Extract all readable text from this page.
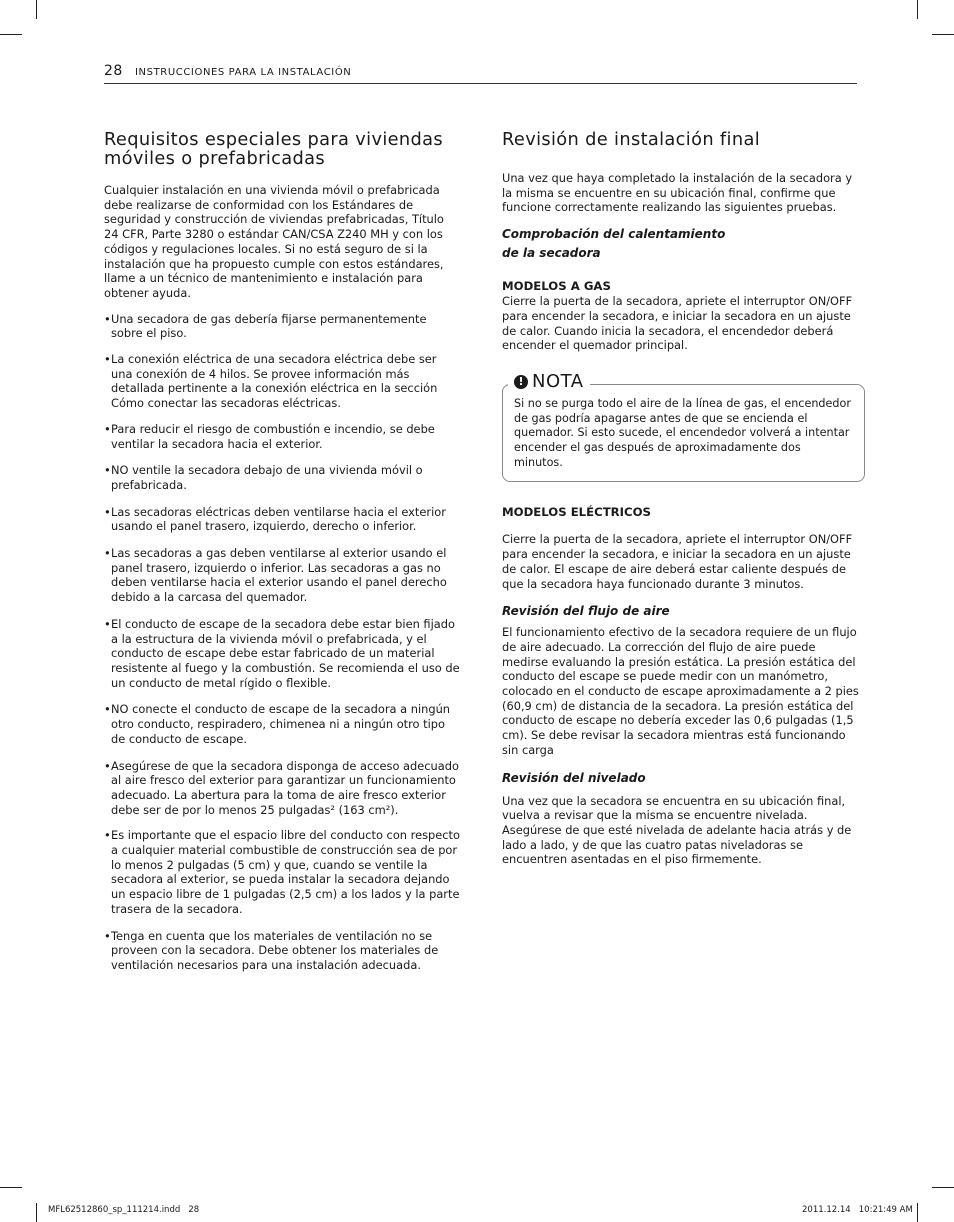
28 INSTRUCCIONES PARA LA INSTALACIÓN
Requisitos especiales para viviendas móviles o prefabricadas

Cualquier instalación en una vivienda móvil o prefabricada debe realizarse de conformidad con los Estándares de seguridad y construcción de viviendas prefabricadas, Título 24 CFR, Parte 3280 o estándar CAN/CSA Z240 MH y con los códigos y regulaciones locales. Si no está seguro de si la instalación que ha propuesto cumple con estos estándares, llame a un técnico de mantenimiento e instalación para obtener ayuda.

• Una secadora de gas debería fijarse permanentemente sobre el piso.
• La conexión eléctrica de una secadora eléctrica debe ser una conexión de 4 hilos. Se provee información más detallada pertinente a la conexión eléctrica en la sección Cómo conectar las secadoras eléctricas.
• Para reducir el riesgo de combustión e incendio, se debe ventilar la secadora hacia el exterior.
• NO ventile la secadora debajo de una vivienda móvil o prefabricada.
• Las secadoras eléctricas deben ventilarse hacia el exterior usando el panel trasero, izquierdo, derecho o inferior.
• Las secadoras a gas deben ventilarse al exterior usando el panel trasero, izquierdo o inferior. Las secadoras a gas no deben ventilarse hacia el exterior usando el panel derecho debido a la carcasa del quemador.
• El conducto de escape de la secadora debe estar bien fijado a la estructura de la vivienda móvil o prefabricada, y el conducto de escape debe estar fabricado de un material resistente al fuego y la combustión. Se recomienda el uso de un conducto de metal rígido o flexible.
• NO conecte el conducto de escape de la secadora a ningún otro conducto, respiradero, chimenea ni a ningún otro tipo de conducto de escape.
• Asegúrese de que la secadora disponga de acceso adecuado al aire fresco del exterior para garantizar un funcionamiento adecuado. La abertura para la toma de aire fresco exterior debe ser de por lo menos 25 pulgadas² (163 cm²).
• Es importante que el espacio libre del conducto con respecto a cualquier material combustible de construcción sea de por lo menos 2 pulgadas (5 cm) y que, cuando se ventile la secadora al exterior, se pueda instalar la secadora dejando un espacio libre de 1 pulgadas (2,5 cm) a los lados y la parte trasera de la secadora.
• Tenga en cuenta que los materiales de ventilación no se proveen con la secadora. Debe obtener los materiales de ventilación necesarios para una instalación adecuada.
Revisión de instalación final

Una vez que haya completado la instalación de la secadora y la misma se encuentre en su ubicación final, confirme que funcione correctamente realizando las siguientes pruebas.

Comprobación del calentamiento de la secadora
MODELOS A GAS

Cierre la puerta de la secadora, apriete el interruptor ON/OFF para encender la secadora, e iniciar la secadora en un ajuste de calor. Cuando inicia la secadora, el encendedor deberá encender el quemador principal.

! NOTA

Si no se purga todo el aire de la línea de gas, el encendedor de gas podría apagarse antes de que se encienda el quemador. Si esto sucede, el encendedor volverá a intentar encender el gas después de aproximadamente dos minutos.

MODELOS ELÉCTRICOS

Cierre la puerta de la secadora, apriete el interruptor ON/OFF para encender la secadora, e iniciar la secadora en un ajuste de calor. El escape de aire deberá estar caliente después de que la secadora haya funcionado durante 3 minutos.

Revisión del flujo de aire

El funcionamiento efectivo de la secadora requiere de un flujo de aire adecuado. La corrección del flujo de aire puede medirse evaluando la presión estática. La presión estática del conducto del escape se puede medir con un manómetro, colocado en el conducto de escape aproximadamente a 2 pies (60,9 cm) de distancia de la secadora. La presión estática del conducto de escape no debería exceder las 0,6 pulgadas (1,5 cm). Se debe revisar la secadora mientras está funcionando sin carga

Revisión del nivelado

Una vez que la secadora se encuentra en su ubicación final, vuelva a revisar que la misma se encuentre nivelada. Asegúrese de que esté nivelada de adelante hacia atrás y de lado a lado, y de que las cuatro patas niveladoras se encuentren asentadas en el piso firmemente.

MFL62512860_sp_111214.indd   28	2011.12.14   10:21:49 AM
